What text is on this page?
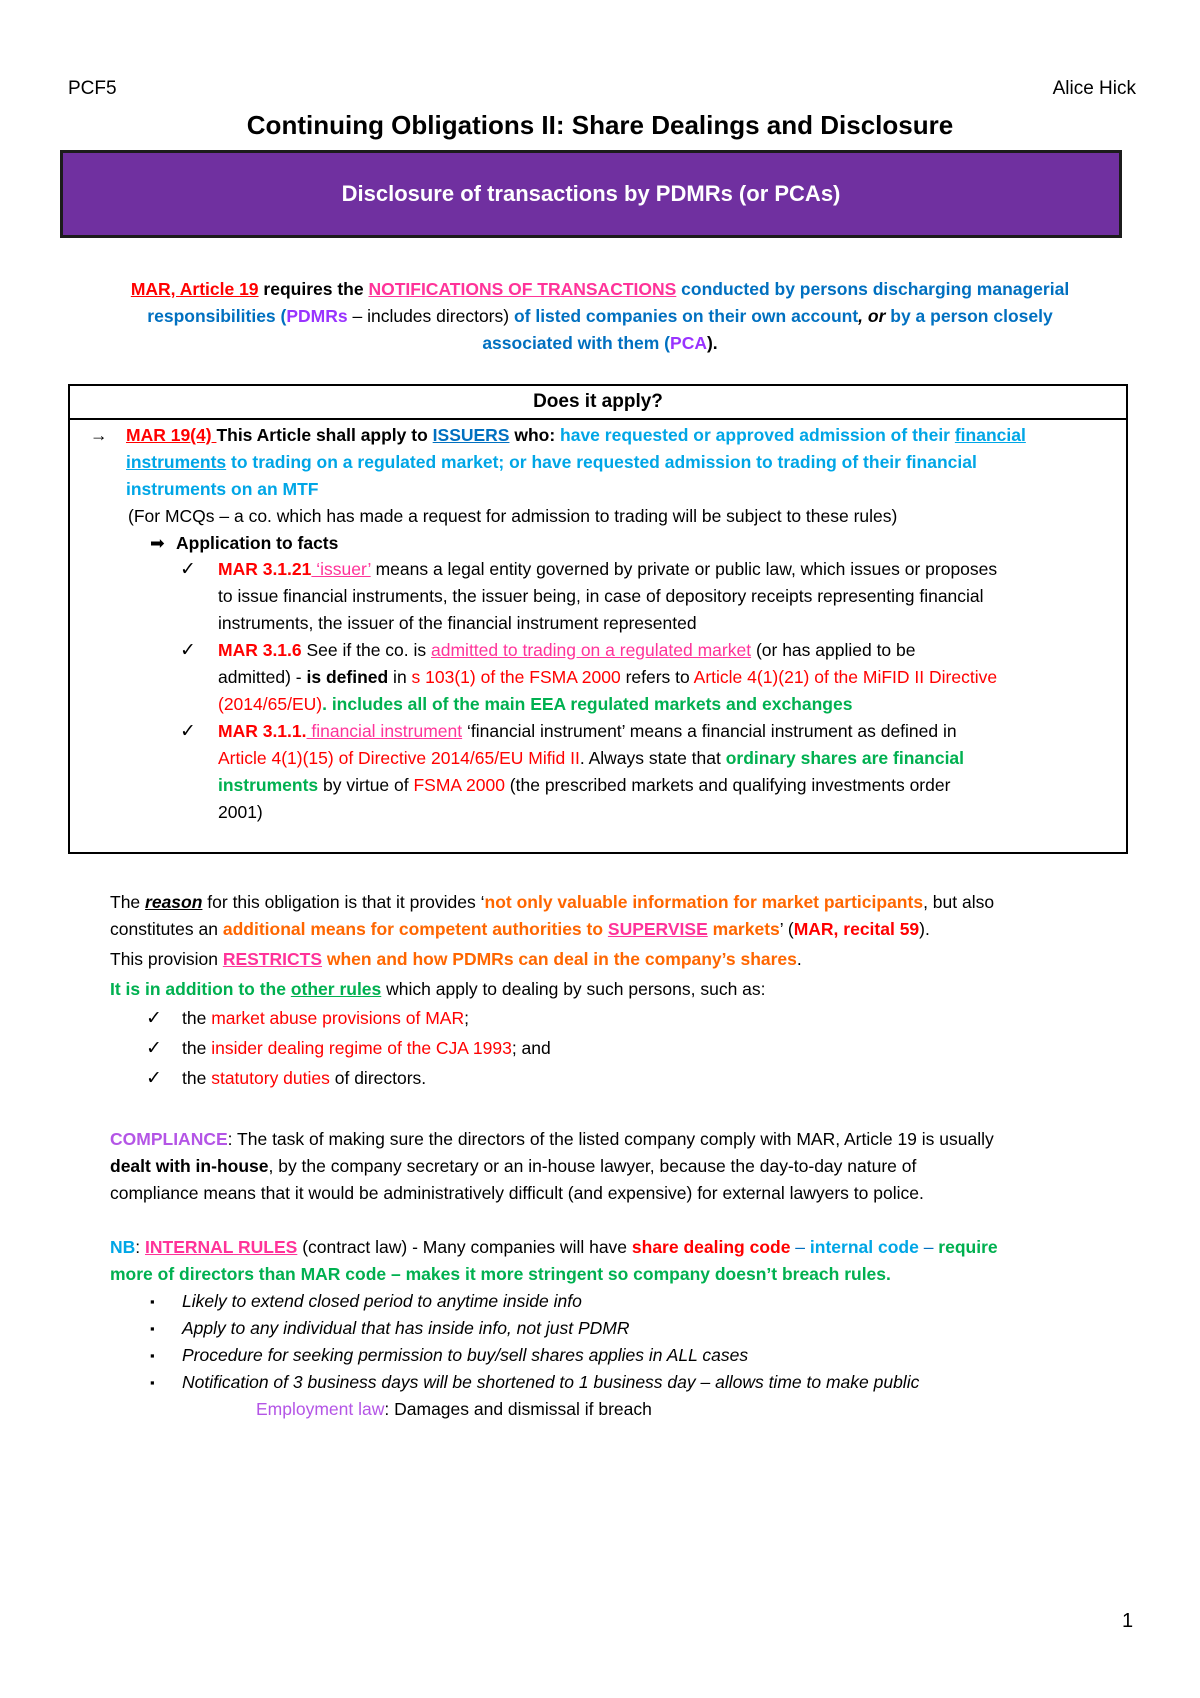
PCF5	Alice Hick
Continuing Obligations II: Share Dealings and Disclosure
Disclosure of transactions by PDMRs (or PCAs)
MAR, Article 19 requires the NOTIFICATIONS OF TRANSACTIONS conducted by persons discharging managerial
responsibilities (PDMRs – includes directors) of listed companies on their own account, or by a person closely
associated with them (PCA).
Does it apply?
→ MAR 19(4) This Article shall apply to ISSUERS who: have requested or approved admission of their financial
instruments to trading on a regulated market; or have requested admission to trading of their financial
instruments on an MTF
(For MCQs – a co. which has made a request for admission to trading will be subject to these rules)
➡ Application to facts
✓ MAR 3.1.21 ‘issuer’ means a legal entity governed by private or public law, which issues or proposes
to issue financial instruments, the issuer being, in case of depository receipts representing financial
instruments, the issuer of the financial instrument represented
✓ MAR 3.1.6 See if the co. is admitted to trading on a regulated market (or has applied to be
admitted) - is defined in s 103(1) of the FSMA 2000 refers to Article 4(1)(21) of the MiFID II Directive
(2014/65/EU). includes all of the main EEA regulated markets and exchanges
✓ MAR 3.1.1. financial instrument ‘financial instrument’ means a financial instrument as defined in
Article 4(1)(15) of Directive 2014/65/EU Mifid II. Always state that ordinary shares are financial
instruments by virtue of FSMA 2000 (the prescribed markets and qualifying investments order
2001)
The reason for this obligation is that it provides ‘not only valuable information for market participants, but also
constitutes an additional means for competent authorities to SUPERVISE markets’ (MAR, recital 59).
This provision RESTRICTS when and how PDMRs can deal in the company’s shares.
It is in addition to the other rules which apply to dealing by such persons, such as:
✓ the market abuse provisions of MAR;
✓ the insider dealing regime of the CJA 1993; and
✓ the statutory duties of directors.
COMPLIANCE: The task of making sure the directors of the listed company comply with MAR, Article 19 is usually
dealt with in-house, by the company secretary or an in-house lawyer, because the day-to-day nature of
compliance means that it would be administratively difficult (and expensive) for external lawyers to police.
NB: INTERNAL RULES (contract law) - Many companies will have share dealing code – internal code – require
more of directors than MAR code – makes it more stringent so company doesn’t breach rules.
▪ Likely to extend closed period to anytime inside info
▪ Apply to any individual that has inside info, not just PDMR
▪ Procedure for seeking permission to buy/sell shares applies in ALL cases
▪ Notification of 3 business days will be shortened to 1 business day – allows time to make public
Employment law: Damages and dismissal if breach
1
